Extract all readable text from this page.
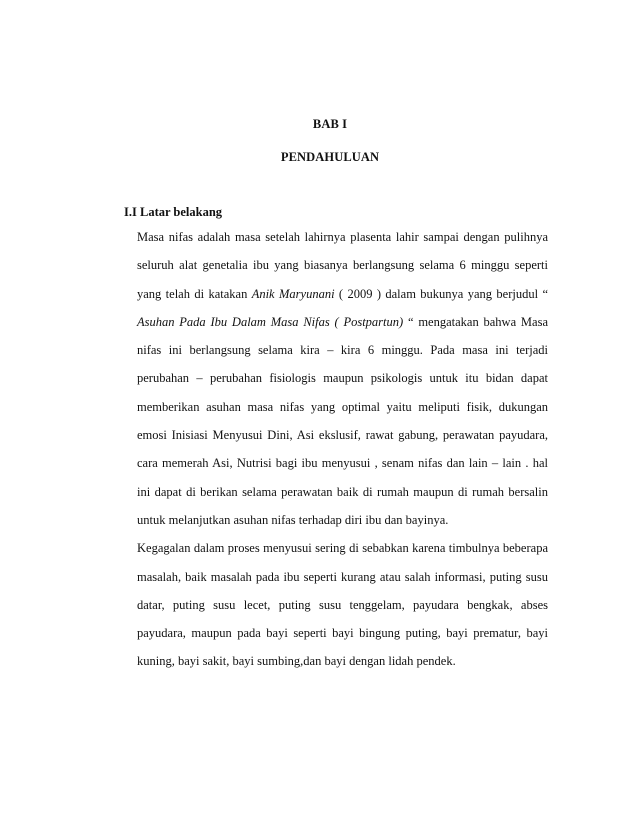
BAB I
PENDAHULUAN
I.I Latar belakang

Masa nifas adalah masa setelah lahirnya plasenta lahir sampai dengan pulihnya
seluruh alat genetalia ibu yang biasanya berlangsung selama 6 minggu seperti
yang telah di katakan Anik Maryunani ( 2009 ) dalam bukunya yang berjudul “
Asuhan Pada Ibu Dalam Masa Nifas ( Postpartun) “ mengatakan bahwa Masa
nifas ini berlangsung selama kira – kira 6 minggu. Pada masa ini terjadi
perubahan – perubahan fisiologis maupun psikologis untuk itu bidan dapat
memberikan asuhan masa nifas yang optimal yaitu meliputi fisik, dukungan
emosi Inisiasi Menyusui Dini, Asi ekslusif, rawat gabung, perawatan payudara,
cara memerah Asi, Nutrisi bagi ibu menyusui , senam nifas dan lain – lain . hal
ini dapat di berikan selama perawatan baik di rumah maupun di rumah bersalin
untuk melanjutkan asuhan nifas terhadap diri ibu dan bayinya.

Kegagalan dalam proses menyusui sering di sebabkan karena timbulnya beberapa
masalah, baik masalah pada ibu seperti kurang atau salah informasi, puting susu
datar, puting susu lecet, puting susu tenggelam, payudara bengkak, abses
payudara, maupun pada bayi seperti bayi bingung puting, bayi prematur, bayi
kuning, bayi sakit, bayi sumbing,dan bayi dengan lidah pendek.
